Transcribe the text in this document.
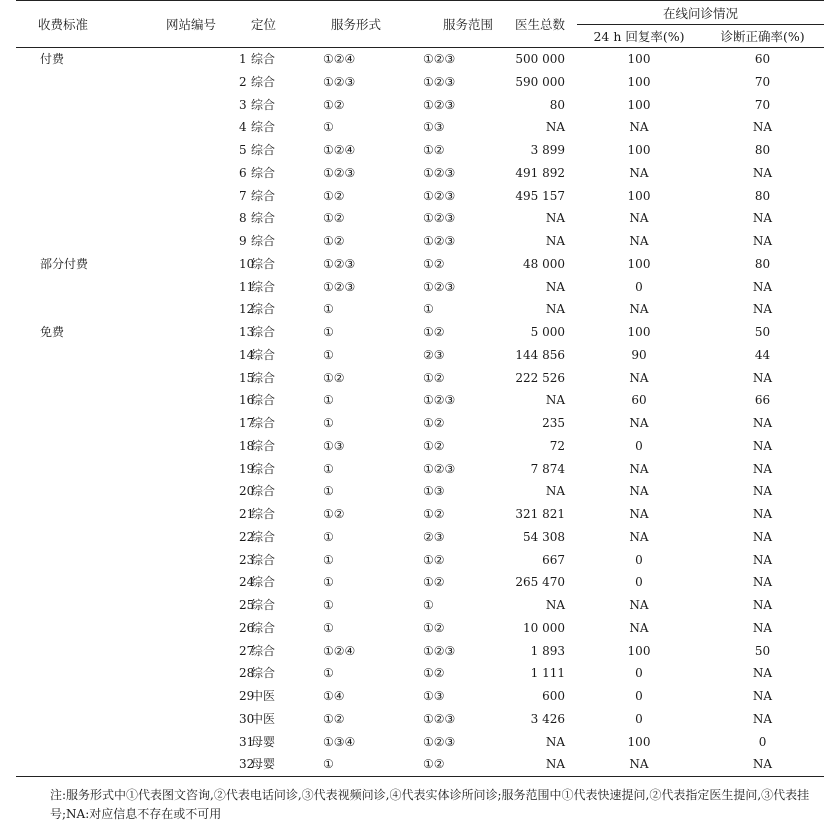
收费标准	网站编号	定位	服务形式	服务范围	医生总数	在线问诊情况	
						24 h 回复率(%)	诊断正确率(%)
付费	1	综合	①②④	①②③	500 000	100	60
	2	综合	①②③	①②③	590 000	100	70
	3	综合	①②	①②③	80	100	70
	4	综合	①	①③	NA	NA	NA
	5	综合	①②④	①②	3 899	100	80
	6	综合	①②③	①②③	491 892	NA	NA
	7	综合	①②	①②③	495 157	100	80
	8	综合	①②	①②③	NA	NA	NA
	9	综合	①②	①②③	NA	NA	NA
部分付费	10	综合	①②③	①②	48 000	100	80
	11	综合	①②③	①②③	NA	0	NA
	12	综合	①	①	NA	NA	NA
免费	13	综合	①	①②	5 000	100	50
	14	综合	①	②③	144 856	90	44
	15	综合	①②	①②	222 526	NA	NA
	16	综合	①	①②③	NA	60	66
	17	综合	①	①②	235	NA	NA
	18	综合	①③	①②	72	0	NA
	19	综合	①	①②③	7 874	NA	NA
	20	综合	①	①③	NA	NA	NA
	21	综合	①②	①②	321 821	NA	NA
	22	综合	①	②③	54 308	NA	NA
	23	综合	①	①②	667	0	NA
	24	综合	①	①②	265 470	0	NA
	25	综合	①	①	NA	NA	NA
	26	综合	①	①②	10 000	NA	NA
	27	综合	①②④	①②③	1 893	100	50
	28	综合	①	①②	1 111	0	NA
	29	中医	①④	①③	600	0	NA
	30	中医	①②	①②③	3 426	0	NA
	31	母婴	①③④	①②③	NA	100	0
	32	母婴	①	①②	NA	NA	NA
注:服务形式中①代表图文咨询,②代表电话问诊,③代表视频问诊,④代表实体诊所问诊;服务范围中①代表快速提问,②代表指定医生提问,③代表挂号;NA:对应信息不存在或不可用
